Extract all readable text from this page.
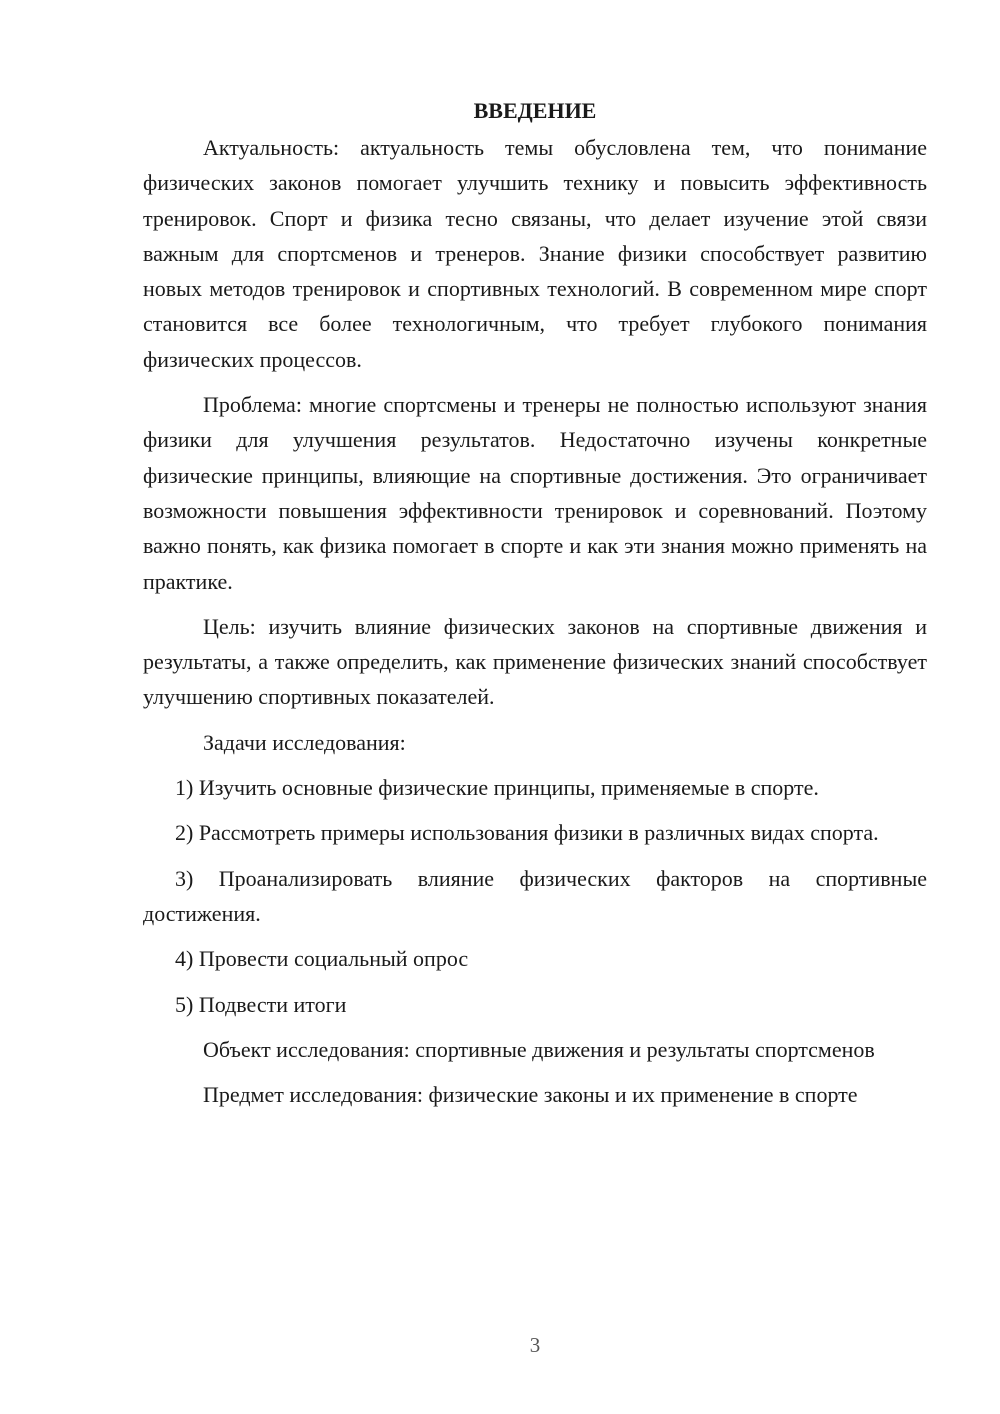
ВВЕДЕНИЕ

Актуальность: актуальность темы обусловлена тем, что понимание физических законов помогает улучшить технику и повысить эффективность тренировок. Спорт и физика тесно связаны, что делает изучение этой связи важным для спортсменов и тренеров. Знание физики способствует развитию новых методов тренировок и спортивных технологий. В современном мире спорт становится все более технологичным, что требует глубокого понимания физических процессов.

Проблема: многие спортсмены и тренеры не полностью используют знания физики для улучшения результатов. Недостаточно изучены конкретные физические принципы, влияющие на спортивные достижения. Это ограничивает возможности повышения эффективности тренировок и соревнований. Поэтому важно понять, как физика помогает в спорте и как эти знания можно применять на практике.

Цель: изучить влияние физических законов на спортивные движения и результаты, а также определить, как применение физических знаний способствует улучшению спортивных показателей.

Задачи исследования:

1) Изучить основные физические принципы, применяемые в спорте.

2) Рассмотреть примеры использования физики в различных видах спорта.

3) Проанализировать влияние физических факторов на спортивные достижения.

4) Провести социальный опрос

5) Подвести итоги

Объект исследования: спортивные движения и результаты спортсменов

Предмет исследования: физические законы и их применение в спорте

3
